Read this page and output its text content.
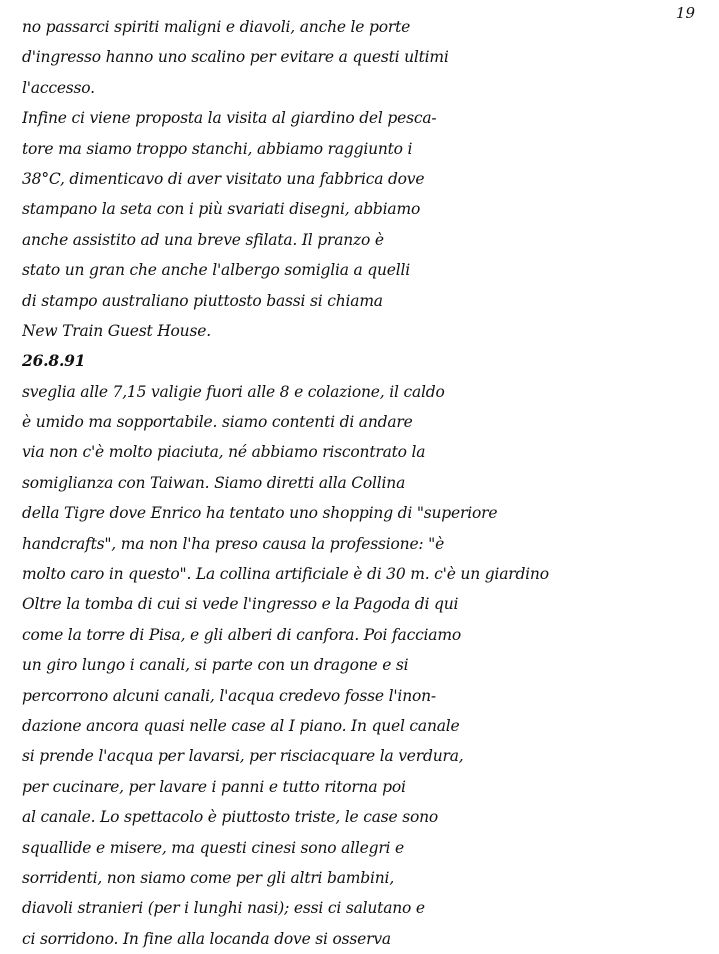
19
no passarci spiriti maligni e diavoli, anche le porte
d'ingresso hanno uno scalino per evitare a questi ultimi
l'accesso.
Infine ci viene proposta la visita al giardino del pesca-
tore ma siamo troppo stanchi, abbiamo raggiunto i
38°C, dimenticavo di aver visitato una fabbrica dove
stampano la seta con i più svariati disegni, abbiamo
anche assistito ad una breve sfilata. Il pranzo è
stato un gran che anche l'albergo somiglia a quelli
di stampo australiano piuttosto bassi si chiama
New Train Guest House.
26.8.91
sveglia alle 7,15 valigie fuori alle 8 e colazione, il caldo
è umido ma sopportabile. siamo contenti di andare
via non c'è molto piaciuta, né abbiamo riscontrato la
somiglianza con Taiwan. Siamo diretti alla Collina
della Tigre dove Enrico ha tentato uno shopping di "superiore
handcrafts", ma non l'ha preso causa la professione: "è
molto caro in questo". La collina artificiale è di 30 m. c'è un giardino
Oltre la tomba di cui si vede l'ingresso e la Pagoda di qui
come la torre di Pisa, e gli alberi di canfora. Poi facciamo
un giro lungo i canali, si parte con un dragone e si
percorrono alcuni canali, l'acqua credevo fosse l'inon-
dazione ancora quasi nelle case al I piano. In quel canale
si prende l'acqua per lavarsi, per risciacquare la verdura,
per cucinare, per lavare i panni e tutto ritorna poi
al canale. Lo spettacolo è piuttosto triste, le case sono
squallide e misere, ma questi cinesi sono allegri e
sorridenti, non siamo come per gli altri bambini,
diavoli stranieri (per i lunghi nasi); essi ci salutano e
ci sorridono. In fine alla locanda dove si osserva
